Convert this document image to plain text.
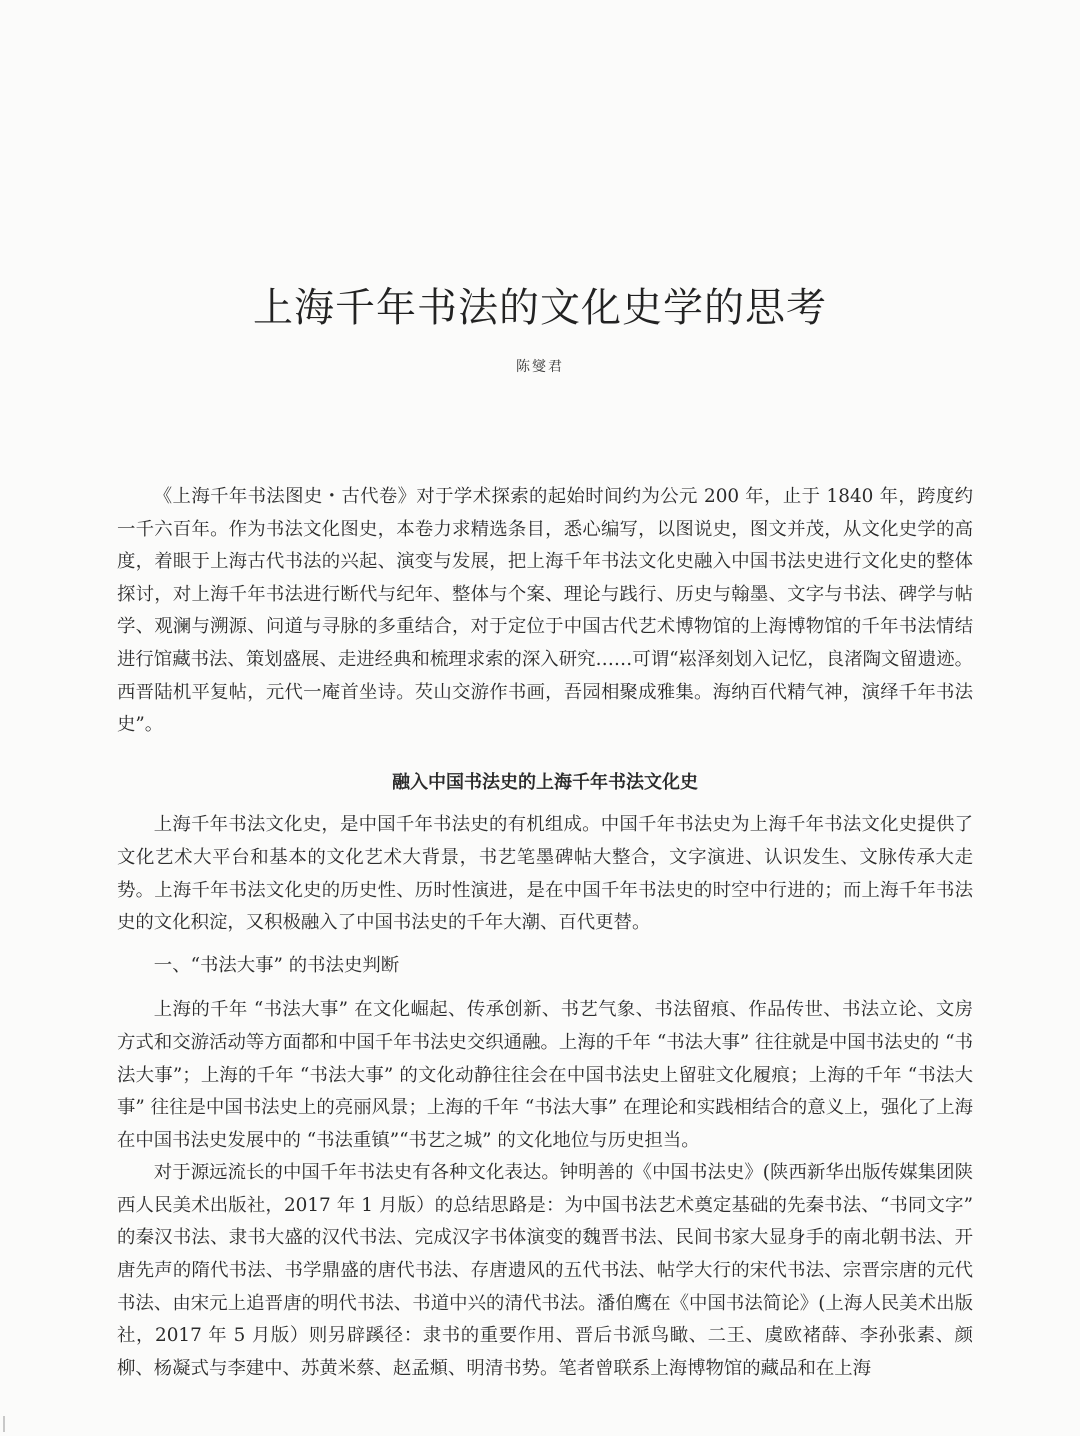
上海千年书法的文化史学的思考
陈燮君

《上海千年书法图史・古代卷》对于学术探索的起始时间约为公元 200 年，止于 1840 年，跨度约一千六百年。作为书法文化图史，本卷力求精选条目，悉心编写，以图说史，图文并茂，从文化史学的高度，着眼于上海古代书法的兴起、演变与发展，把上海千年书法文化史融入中国书法史进行文化史的整体探讨，对上海千年书法进行断代与纪年、整体与个案、理论与践行、历史与翰墨、文字与书法、碑学与帖学、观澜与溯源、问道与寻脉的多重结合，对于定位于中国古代艺术博物馆的上海博物馆的千年书法情结进行馆藏书法、策划盛展、走进经典和梳理求索的深入研究……可谓“崧泽刻划入记忆，良渚陶文留遗迹。西晋陆机平复帖，元代一庵首坐诗。芡山交游作书画，吾园相聚成雅集。海纳百代精气神，演绎千年书法史”。

融入中国书法史的上海千年书法文化史

上海千年书法文化史，是中国千年书法史的有机组成。中国千年书法史为上海千年书法文化史提供了文化艺术大平台和基本的文化艺术大背景，书艺笔墨碑帖大整合，文字演进、认识发生、文脉传承大走势。上海千年书法文化史的历史性、历时性演进，是在中国千年书法史的时空中行进的；而上海千年书法史的文化积淀，又积极融入了中国书法史的千年大潮、百代更替。

一、“书法大事” 的书法史判断

上海的千年 “书法大事” 在文化崛起、传承创新、书艺气象、书法留痕、作品传世、书法立论、文房方式和交游活动等方面都和中国千年书法史交织通融。上海的千年 “书法大事” 往往就是中国书法史的 “书法大事”；上海的千年 “书法大事” 的文化动静往往会在中国书法史上留驻文化履痕；上海的千年 “书法大事” 往往是中国书法史上的亮丽风景；上海的千年 “书法大事” 在理论和实践相结合的意义上，强化了上海在中国书法史发展中的 “书法重镇”“书艺之城” 的文化地位与历史担当。

对于源远流长的中国千年书法史有各种文化表达。钟明善的《中国书法史》(陕西新华出版传媒集团陕西人民美术出版社，2017 年 1 月版）的总结思路是：为中国书法艺术奠定基础的先秦书法、“书同文字” 的秦汉书法、隶书大盛的汉代书法、完成汉字书体演变的魏晋书法、民间书家大显身手的南北朝书法、开唐先声的隋代书法、书学鼎盛的唐代书法、存唐遗风的五代书法、帖学大行的宋代书法、宗晋宗唐的元代书法、由宋元上追晋唐的明代书法、书道中兴的清代书法。潘伯鹰在《中国书法简论》(上海人民美术出版社，2017 年 5 月版）则另辟蹊径：隶书的重要作用、晋后书派鸟瞰、二王、虞欧褚薛、李孙张素、颜柳、杨凝式与李建中、苏黄米蔡、赵孟頫、明清书势。笔者曾联系上海博物馆的藏品和在上海
